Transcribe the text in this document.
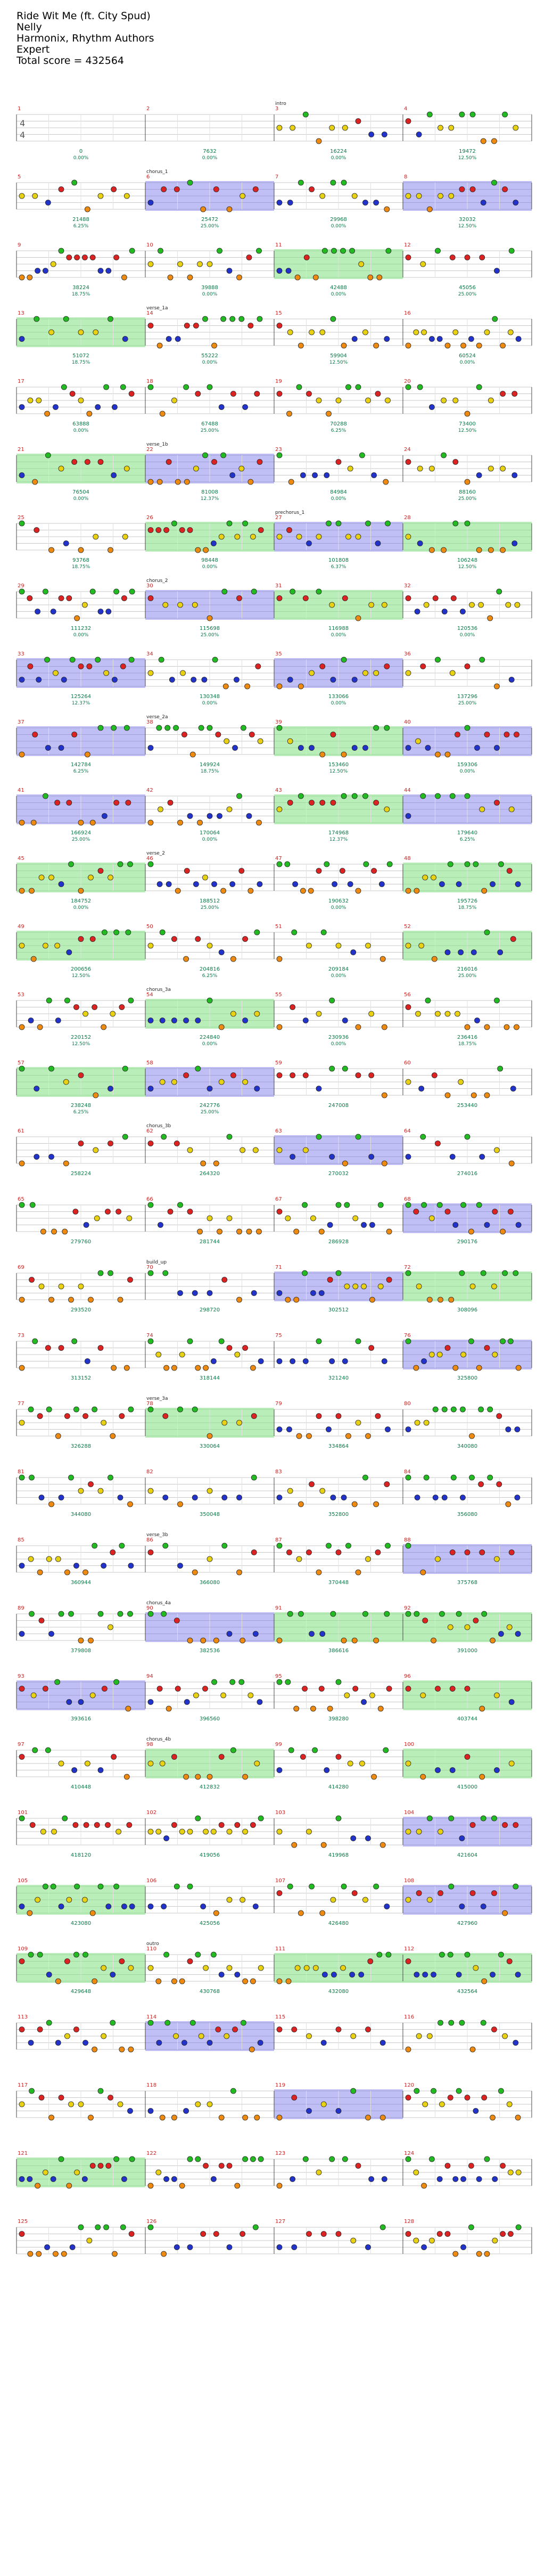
Ride Wit Me (ft. City Spud)
Nelly
Harmonix, Rhythm Authors
Expert
Total score = 432564
1
0
0.00%
2
7632
0.00%
3
intro
16224
0.00%
4
19472
12.50%
4
4
5
21488
6.25%
6
chorus_1
25472
25.00%
7
29968
0.00%
8
32032
12.50%
9
38224
18.75%
10
39888
0.00%
11
42488
0.00%
12
45056
25.00%
13
51072
18.75%
14
verse_1a
55222
0.00%
15
59904
12.50%
16
60524
0.00%
17
63888
0.00%
18
67488
25.00%
19
70288
6.25%
20
73400
12.50%
21
76504
0.00%
22
verse_1b
81008
12.37%
23
84984
0.00%
24
88160
25.00%
25
93768
18.75%
26
98448
0.00%
27
prechorus_1
101808
6.37%
28
106248
12.50%
29
111232
0.00%
30
chorus_2
115698
25.00%
31
116988
0.00%
32
120536
0.00%
33
125264
12.37%
34
130348
0.00%
35
133066
0.00%
36
137296
25.00%
37
142784
6.25%
38
verse_2a
149924
18.75%
39
153460
12.50%
40
159306
0.00%
41
166924
25.00%
42
170064
0.00%
43
174968
12.37%
44
179640
6.25%
45
184752
0.00%
46
verse_2
188512
25.00%
47
190632
0.00%
48
195726
18.75%
49
200656
12.50%
50
204816
6.25%
51
209184
0.00%
52
216016
25.00%
53
220152
12.50%
54
chorus_3a
224840
0.00%
55
230936
0.00%
56
236416
18.75%
57
238248
6.25%
58
242776
25.00%
59
247008
60
253440
61
258224
62
chorus_3b
264320
63
270032
64
274016
65
279760
66
281744
67
286928
68
290176
69
293520
70
build_up
298720
71
302512
72
308096
73
313152
74
318144
75
321240
76
325800
77
326288
78
verse_3a
330064
79
334864
80
340080
81
344080
82
350048
83
352800
84
356080
85
360944
86
verse_3b
366080
87
370448
88
375768
89
379808
90
chorus_4a
382536
91
386616
92
391000
93
393616
94
396560
95
398280
96
403744
97
410448
98
chorus_4b
412832
99
414280
100
415000
101
418120
102
419056
103
419968
104
421604
105
423080
106
425056
107
426480
108
427960
109
429648
110
outro
430768
111
432080
112
432564
113	114	115	116
117	118	119	120
121	122	123	124
125	126	127	128
